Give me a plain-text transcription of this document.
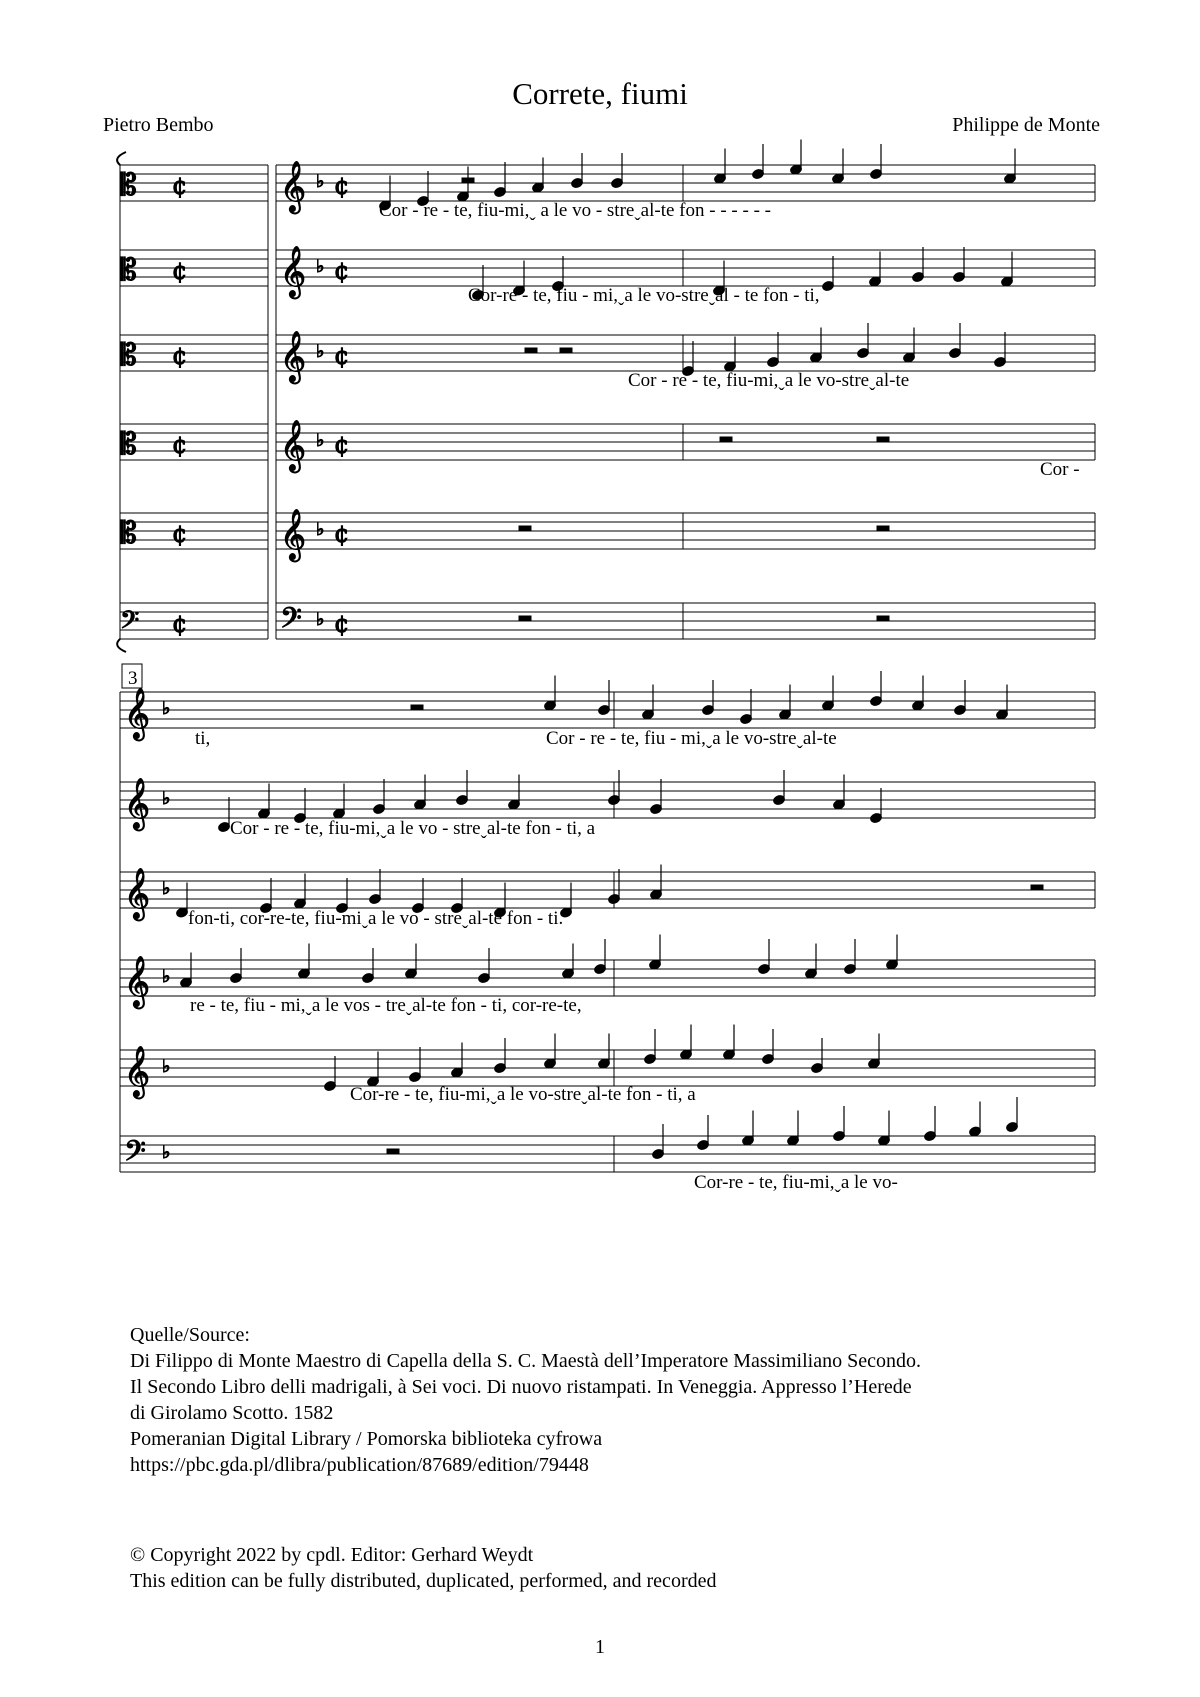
Correte, fiumi
Pietro Bembo	Philippe de Monte
𝄞
𝄡	♭ ¢
¢
𝄞
𝄡	♭ ¢
¢
𝄞
𝄡	♭ ¢
¢
𝄞
𝄡	♭ ¢
¢
𝄞
𝄡	♭ ¢
¢
𝄢
𝄢	♭ ¢
¢
𝄞 ♭
𝄞 ♭
𝄞 ♭
𝄞 ♭
𝄞 ♭
𝄢 ♭
3
Cor - re - te, fiu-mi,ˬ a le vo - streˬal-te fon - - - - - -
Cor-re - te, fiu - mi,ˬa le vo-streˬal - te fon - ti,
Cor - re - te, fiu-mi,ˬa le vo-streˬal-te
Cor -
ti,	Cor - re - te, fiu - mi,ˬa le vo-streˬal-te
Cor - re - te, fiu-mi,ˬa le vo - streˬal-te fon - ti, a
fon-ti, cor-re-te, fiu-miˬa le vo - streˬal-te fon - ti.
re - te, fiu - mi,ˬa le vos - treˬal-te fon - ti, cor-re-te,
Cor-re - te, fiu-mi,ˬa le vo-streˬal-te fon - ti, a
Cor-re - te, fiu-mi,ˬa le vo-
Quelle/Source:
Di Filippo di Monte Maestro di Capella della S. C. Maestà dell’Imperatore Massimiliano Secondo.
Il Secondo Libro delli madrigali, à Sei voci. Di nuovo ristampati. In Veneggia. Appresso l’Herede
di Girolamo Scotto. 1582
Pomeranian Digital Library / Pomorska biblioteka cyfrowa
https://pbc.gda.pl/dlibra/publication/87689/edition/79448
© Copyright 2022 by cpdl. Editor: Gerhard Weydt
This edition can be fully distributed, duplicated, performed, and recorded
1
